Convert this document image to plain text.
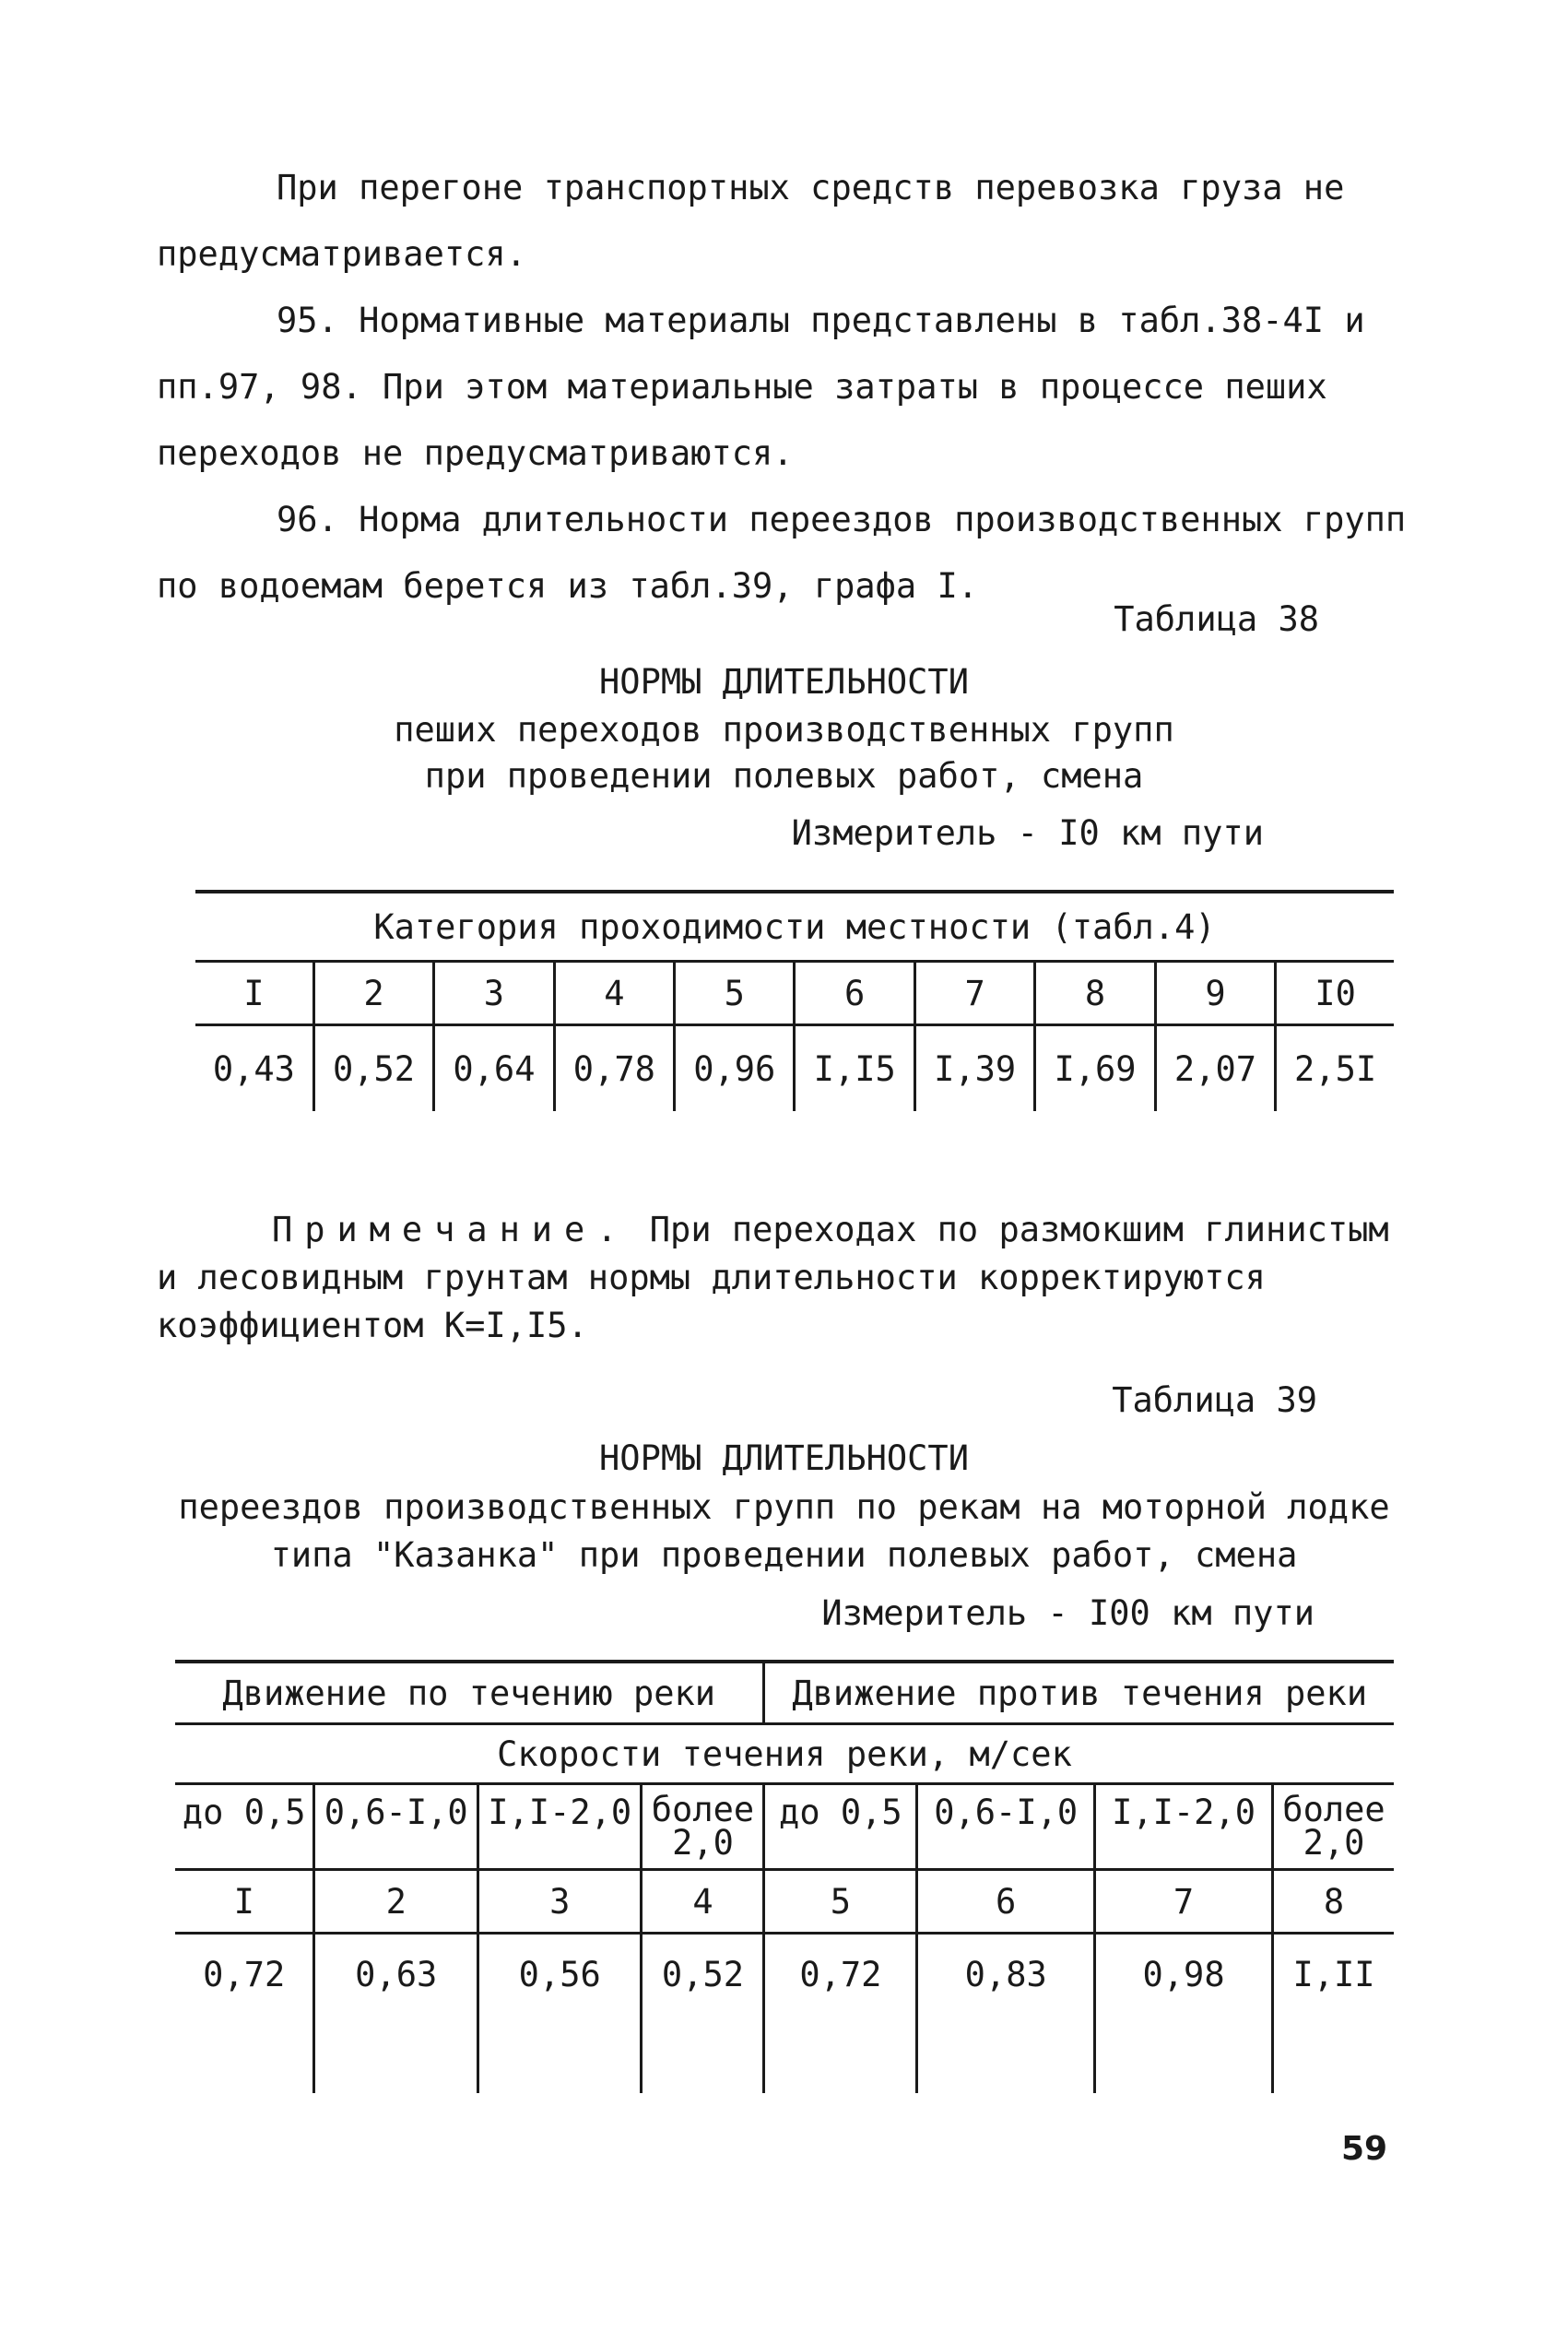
При перегоне транспортных средств перевозка груза не предусматривается.

95. Нормативные материалы представлены в табл.38-4I и пп.97, 98. При этом материальные затраты в процессе пеших переходов не предусматриваются.

96. Норма длительности переездов производственных групп по водоемам берется из табл.39, графа I.

Таблица 38
НОРМЫ ДЛИТЕЛЬНОСТИ
пеших переходов производственных групп
при проведении полевых работ, смена
Измеритель - I0 км пути
Категория проходимости местности (табл.4)									
I	2	3	4	5	6	7	8	9	I0
0,43	0,52	0,64	0,78	0,96	I,I5	I,39	I,69	2,07	2,5I

Примечание. При переходах по размокшим глинистым и лесовидным грунтам нормы длительности корректируются коэффициентом К=I,I5.

Таблица 39
НОРМЫ ДЛИТЕЛЬНОСТИ
переездов производственных групп по рекам на моторной лодке
типа "Казанка" при проведении полевых работ, смена
Измеритель - I00 км пути
Движение по течению реки				Движение против течения реки			
Скорости течения реки, м/сек							
до 0,5	0,6-I,0	I,I-2,0	более 2,0	до 0,5	0,6-I,0	I,I-2,0	более 2,0
I	2	3	4	5	6	7	8
0,72	0,63	0,56	0,52	0,72	0,83	0,98	I,II
59
